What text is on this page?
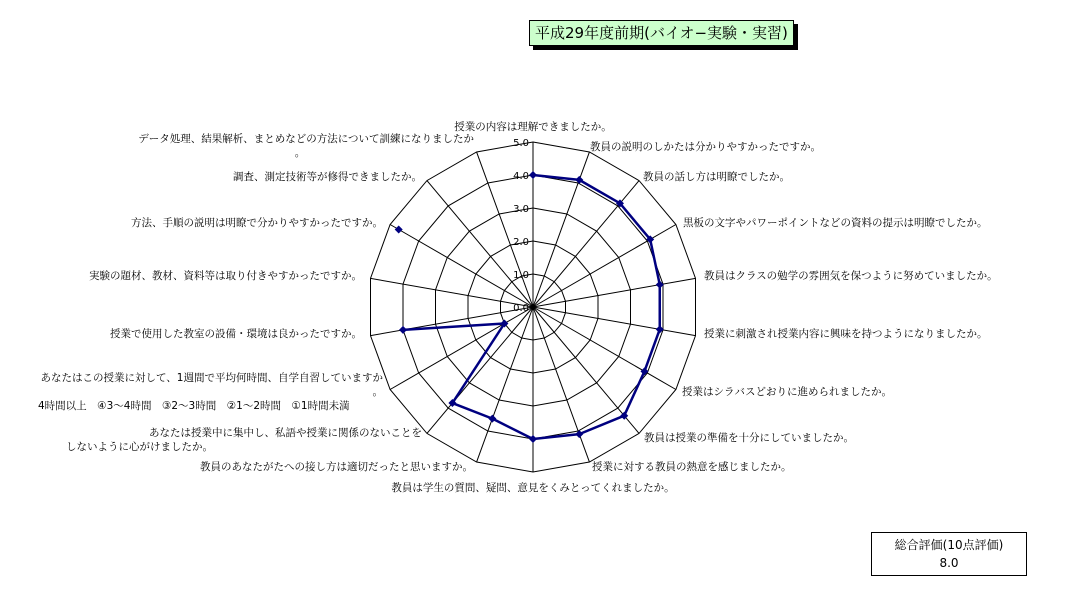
平成29年度前期(バイオ−実験・実習)
0.0
1.0
2.0
3.0
4.0
5.0
授業の内容は理解できましたか。
教員の説明のしかたは分かりやすかったですか。
教員の話し方は明瞭でしたか。
黒板の文字やパワーポイントなどの資料の提示は明瞭でしたか。
教員はクラスの勉学の雰囲気を保つように努めていましたか。
授業に刺激され授業内容に興味を持つようになりましたか。
授業はシラバスどおりに進められましたか。
教員は授業の準備を十分にしていましたか。
授業に対する教員の熱意を感じましたか。
教員は学生の質問、疑問、意見をくみとってくれましたか。
教員のあなたがたへの接し方は適切だったと思いますか。
あなたは授業中に集中し、私語や授業に関係のないことを
しないように心がけましたか。
あなたはこの授業に対して、1週間で平均何時間、自学自習していますか
。
4時間以上　④3〜4時間　③2〜3時間　②1〜2時間　①1時間未満
授業で使用した教室の設備・環境は良かったですか。
実験の題材、教材、資料等は取り付きやすかったですか。
方法、手順の説明は明瞭で分かりやすかったですか。
調査、測定技術等が修得できましたか。
データ処理、結果解析、まとめなどの方法について訓練になりましたか
。
総合評価(10点評価)
8.0
